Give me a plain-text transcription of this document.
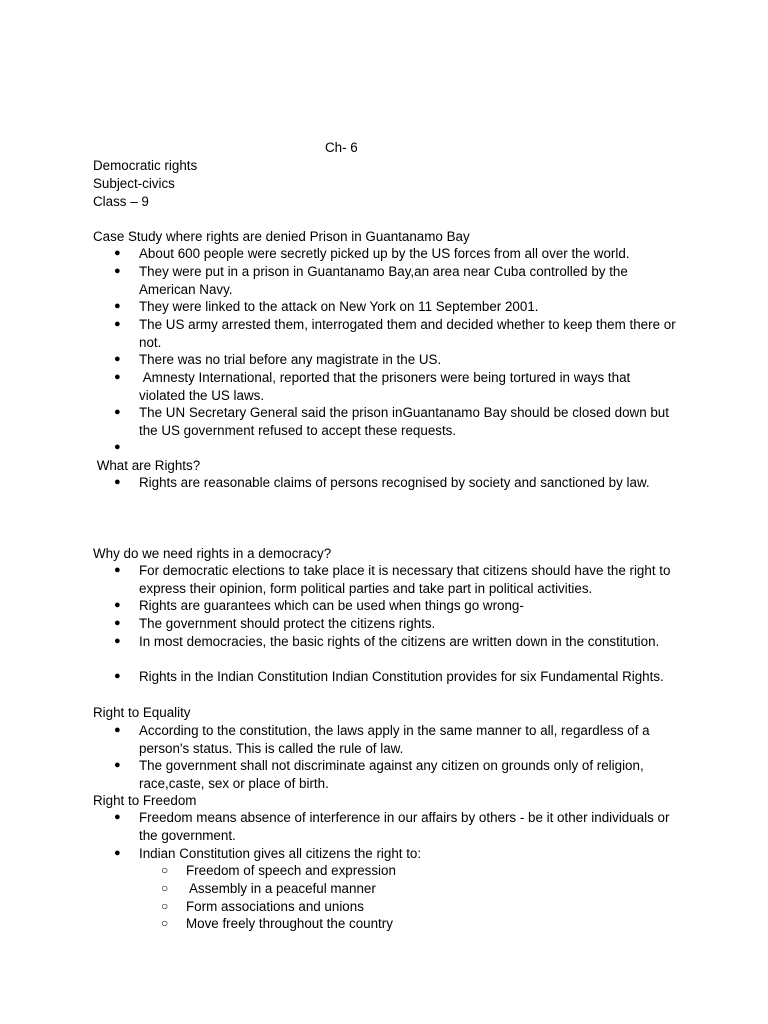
Ch- 6
Democratic rights
Subject-civics
Class – 9
Case Study where rights are denied Prison in Guantanamo Bay
● About 600 people were secretly picked up by the US forces from all over the world.
● They were put in a prison in Guantanamo Bay,an area near Cuba controlled by the American Navy.
● They were linked to the attack on New York on 11 September 2001.
● The US army arrested them, interrogated them and decided whether to keep them there or not.
● There was no trial before any magistrate in the US.
● Amnesty International, reported that the prisoners were being tortured in ways that violated the US laws.
● The UN Secretary General said the prison inGuantanamo Bay should be closed down but the US government refused to accept these requests.
●
What are Rights?
● Rights are reasonable claims of persons recognised by society and sanctioned by law.
Why do we need rights in a democracy?
● For democratic elections to take place it is necessary that citizens should have the right to express their opinion, form political parties and take part in political activities.
● Rights are guarantees which can be used when things go wrong-
● The government should protect the citizens rights.
● In most democracies, the basic rights of the citizens are written down in the constitution.
● Rights in the Indian Constitution Indian Constitution provides for six Fundamental Rights.
Right to Equality
● According to the constitution, the laws apply in the same manner to all, regardless of a person's status. This is called the rule of law.
● The government shall not discriminate against any citizen on grounds only of religion, race,caste, sex or place of birth.
Right to Freedom
● Freedom means absence of interference in our affairs by others - be it other individuals or the government.
● Indian Constitution gives all citizens the right to:
○ Freedom of speech and expression
○ Assembly in a peaceful manner
○ Form associations and unions
○ Move freely throughout the country
